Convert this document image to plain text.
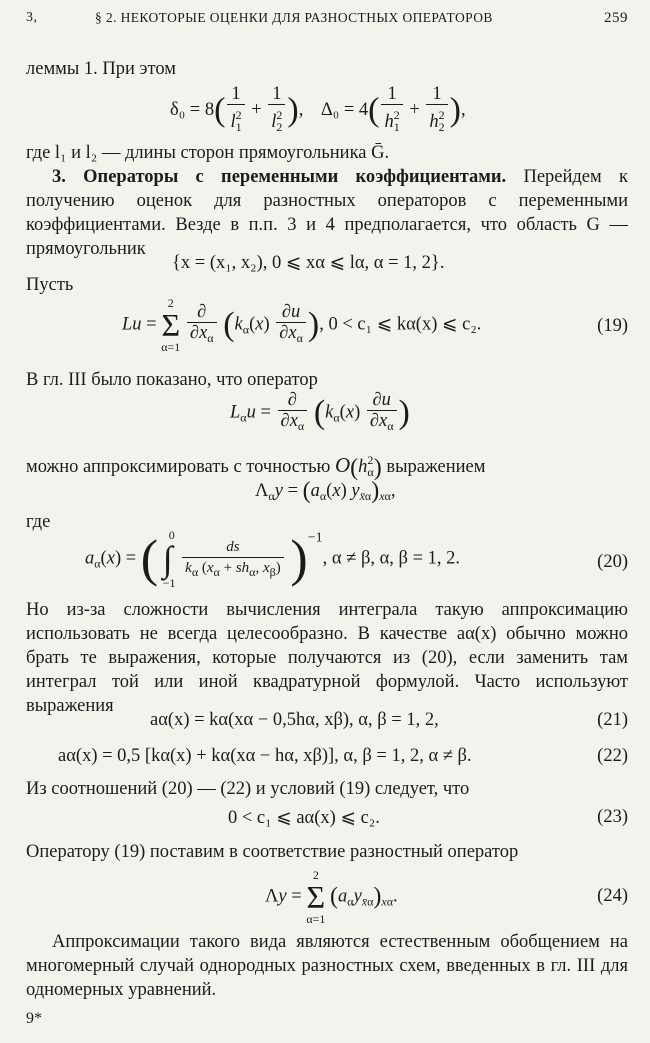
3,	§ 2. НЕКОТОРЫЕ ОЦЕНКИ ДЛЯ РАЗНОСТНЫХ ОПЕРАТОРОВ	259
леммы 1. При этом
$\delta_0 = 8( \frac{1}{l^2_1} + \frac{1}{l^2_2}$ ),    $\Delta_0 = 4( \frac{1}{h^2_1} + \frac{1}{h^2_2}$ ),
где l₁ и l₂ — длины сторон прямоугольника Ḡ.
3. Операторы с переменными коэффициентами. Перейдем к получению оценок для разностных операторов с переменными коэффициентами. Везде в п.п. 3 и 4 предполагается, что область G — прямоугольник
{x = (x₁, x₂), 0 ⩽ xα ⩽ lα, α = 1, 2}.
Пусть
Lu =
2
Σ
α=1
$\frac{\partial}{\partial x_\alpha} (k_\alpha(x) \frac{\partial u}{\partial x_\alpha}$ ), 0 < c₁ ⩽ kα(x) ⩽ c₂.	(19)
В гл. III было показано, что оператор
$L_\alpha u = \frac{\partial}{\partial x_\alpha} (k_\alpha(x) \frac{\partial u}{\partial x_\alpha}$ )
можно аппроксимировать с точностью $O(h^2_\alpha)$ выражением
$\Lambda_\alpha y = (a_\alpha(x)$ $y_{x̄\alpha})_{x\alpha}$,
где
$a_\alpha(x)$ = ( 0
∫
−1

$\frac{ds}{k_\alpha (x_\alpha + sh_\alpha, x_\beta)} )^{-1}$, α ≠ β, α, β = 1, 2.	(20)
Но из-за сложности вычисления интеграла такую аппроксимацию использовать не всегда целесообразно. В качестве aα(x) обычно можно брать те выражения, которые получаются из (20), если заменить там интеграл той или иной квадратурной формулой. Часто используют выражения
aα(x) = kα(xα − 0,5hα, xβ), α, β = 1, 2,	(21)
aα(x) = 0,5 [kα(x) + kα(xα − hα, xβ)], α, β = 1, 2, α ≠ β.	(22)
Из соотношений (20) — (22) и условий (19) следует, что
0 < c₁ ⩽ aα(x) ⩽ c₂.	(23)
Оператору (19) поставим в соответствие разностный оператор
Λy =
2
Σ
α=1
$(a_\alpha y_{x̄\alpha})_{x\alpha}$.	(24)
Аппроксимации такого вида являются естественным обобщением на многомерный случай однородных разностных схем, введенных в гл. III для одномерных уравнений.
9*
